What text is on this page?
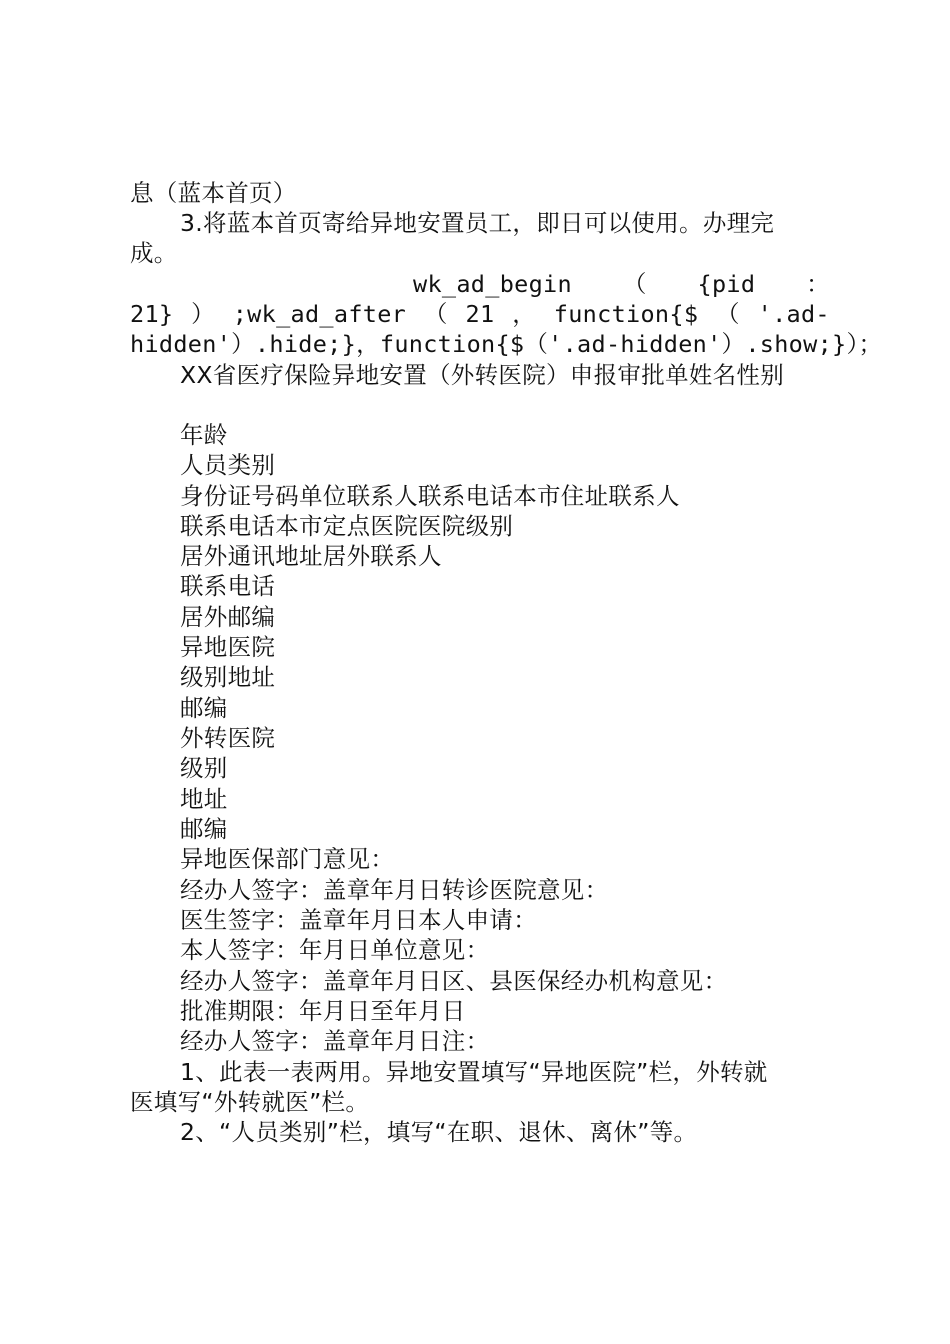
息（蓝本首页）
3.将蓝本首页寄给异地安置员工，即日可以使用。办理完
成。
wk_ad_begin （ {pid ：
21} ） ;wk_ad_after （ 21 ， function{$ （ '.ad-
hidden'）.hide;}，function{$（'.ad-hidden'）.show;}）；
XX省医疗保险异地安置（外转医院）申报审批单姓名性别
年龄
人员类别
身份证号码单位联系人联系电话本市住址联系人
联系电话本市定点医院医院级别
居外通讯地址居外联系人
联系电话
居外邮编
异地医院
级别地址
邮编
外转医院
级别
地址
邮编
异地医保部门意见：
经办人签字：盖章年月日转诊医院意见：
医生签字：盖章年月日本人申请：
本人签字：年月日单位意见：
经办人签字：盖章年月日区、县医保经办机构意见：
批准期限：年月日至年月日
经办人签字：盖章年月日注：
1、此表一表两用。异地安置填写“异地医院”栏，外转就
医填写“外转就医”栏。
2、“人员类别”栏，填写“在职、退休、离休”等。
